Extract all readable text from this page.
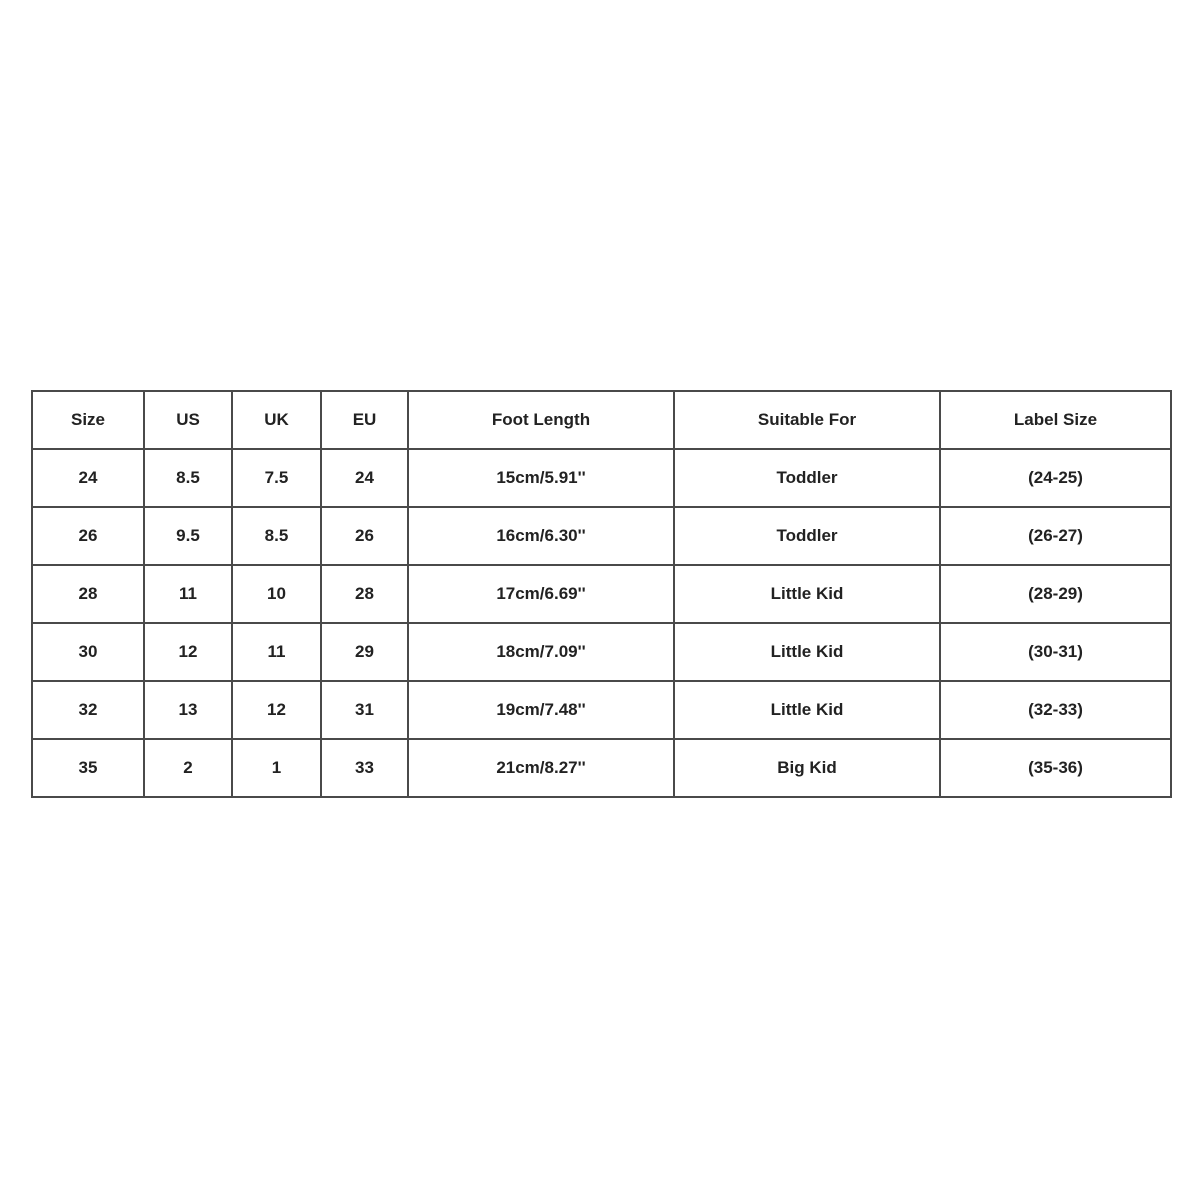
Size	US	UK	EU	Foot Length	Suitable For	Label Size
24	8.5	7.5	24	15cm/5.91''	Toddler	(24-25)
26	9.5	8.5	26	16cm/6.30''	Toddler	(26-27)
28	11	10	28	17cm/6.69''	Little Kid	(28-29)
30	12	11	29	18cm/7.09''	Little Kid	(30-31)
32	13	12	31	19cm/7.48''	Little Kid	(32-33)
35	2	1	33	21cm/8.27''	Big Kid	(35-36)
